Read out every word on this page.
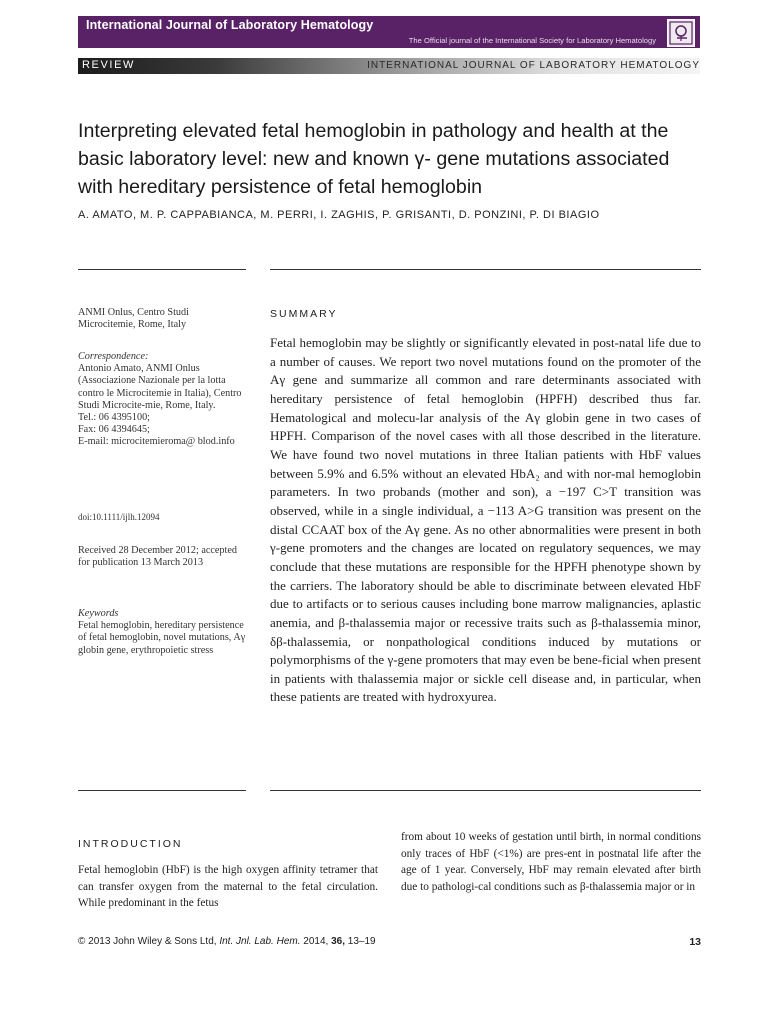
International Journal of Laboratory Hematology
The Official journal of the International Society for Laboratory Hematology
REVIEW	INTERNATIONAL JOURNAL OF LABORATORY HEMATOLOGY
Interpreting elevated fetal hemoglobin in pathology and health at the basic laboratory level: new and known γ- gene mutations associated with hereditary persistence of fetal hemoglobin
A. AMATO, M. P. CAPPABIANCA, M. PERRI, I. ZAGHIS, P. GRISANTI, D. PONZINI, P. DI BIAGIO
ANMI Onlus, Centro Studi Microcitemie, Rome, Italy
Correspondence:
Antonio Amato, ANMI Onlus
(Associazione Nazionale per la lotta contro le Microcitemie in Italia), Centro Studi Microcite-mie, Rome, Italy.
Tel.: 06 4395100;
Fax: 06 4394645;
E-mail: microcitemieroma@ blod.info
doi:10.1111/ijlh.12094
Received 28 December 2012; accepted for publication 13 March 2013
Keywords
Fetal hemoglobin, hereditary persistence of fetal hemoglobin, novel mutations, Aγ globin gene, erythropoietic stress
SUMMARY
Fetal hemoglobin may be slightly or significantly elevated in post-natal life due to a number of causes. We report two novel mutations found on the promoter of the Aγ gene and summarize all common and rare determinants associated with hereditary persistence of fetal hemoglobin (HPFH) described thus far. Hematological and molecu-lar analysis of the Aγ globin gene in two cases of HPFH. Comparison of the novel cases with all those described in the literature. We have found two novel mutations in three Italian patients with HbF values between 5.9% and 6.5% without an elevated HbA₂ and with nor-mal hemoglobin parameters. In two probands (mother and son), a −197 C>T transition was observed, while in a single individual, a −113 A>G transition was present on the distal CCAAT box of the Aγ gene. As no other abnormalities were present in both γ-gene promoters and the changes are located on regulatory sequences, we may conclude that these mutations are responsible for the HPFH phenotype shown by the carriers. The laboratory should be able to discriminate between elevated HbF due to artifacts or to serious causes including bone marrow malignancies, aplastic anemia, and β-thalassemia major or recessive traits such as β-thalassemia minor, δβ-thalassemia, or nonpathological conditions induced by mutations or polymorphisms of the γ-gene promoters that may even be bene-ficial when present in patients with thalassemia major or sickle cell disease and, in particular, when these patients are treated with hydroxyurea.
INTRODUCTION
Fetal hemoglobin (HbF) is the high oxygen affinity tetramer that can transfer oxygen from the maternal to the fetal circulation. While predominant in the fetus
from about 10 weeks of gestation until birth, in normal conditions only traces of HbF (<1%) are pres-ent in postnatal life after the age of 1 year. Conversely, HbF may remain elevated after birth due to pathologi-cal conditions such as β-thalassemia major or in
© 2013 John Wiley & Sons Ltd, Int. Jnl. Lab. Hem. 2014, 36, 13–19	13
